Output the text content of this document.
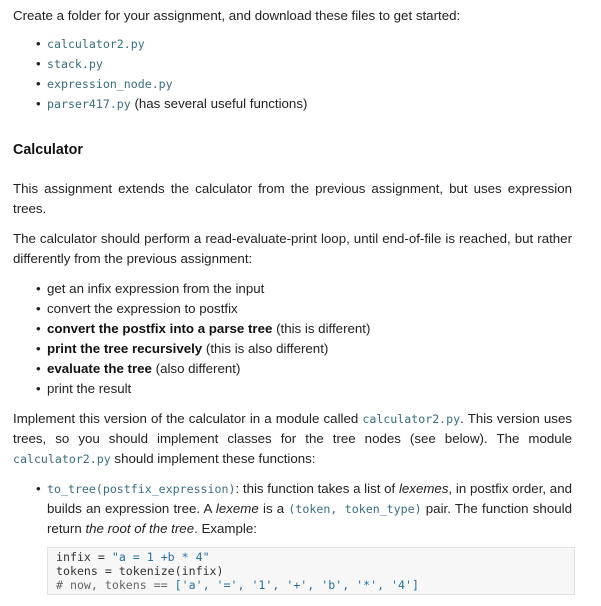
Create a folder for your assignment, and download these files to get started:

• calculator2.py
• stack.py
• expression_node.py
• parser417.py (has several useful functions)
Calculator

This assignment extends the calculator from the previous assignment, but uses expression trees.

The calculator should perform a read-evaluate-print loop, until end-of-file is reached, but rather differently from the previous assignment:

• get an infix expression from the input
• convert the expression to postfix
• convert the postfix into a parse tree (this is different)
• print the tree recursively (this is also different)
• evaluate the tree (also different)
• print the result

Implement this version of the calculator in a module called calculator2.py. This version uses trees, so you should implement classes for the tree nodes (see below). The module calculator2.py should implement these functions:

• to_tree(postfix_expression): this function takes a list of lexemes, in postfix order, and builds an expression tree. A lexeme is a (token, token_type) pair. The function should return the root of the tree. Example:
infix = "a = 1 +b * 4"
tokens = tokenize(infix)
# now, tokens == ['a', '=', '1', '+', 'b', '*', '4']
